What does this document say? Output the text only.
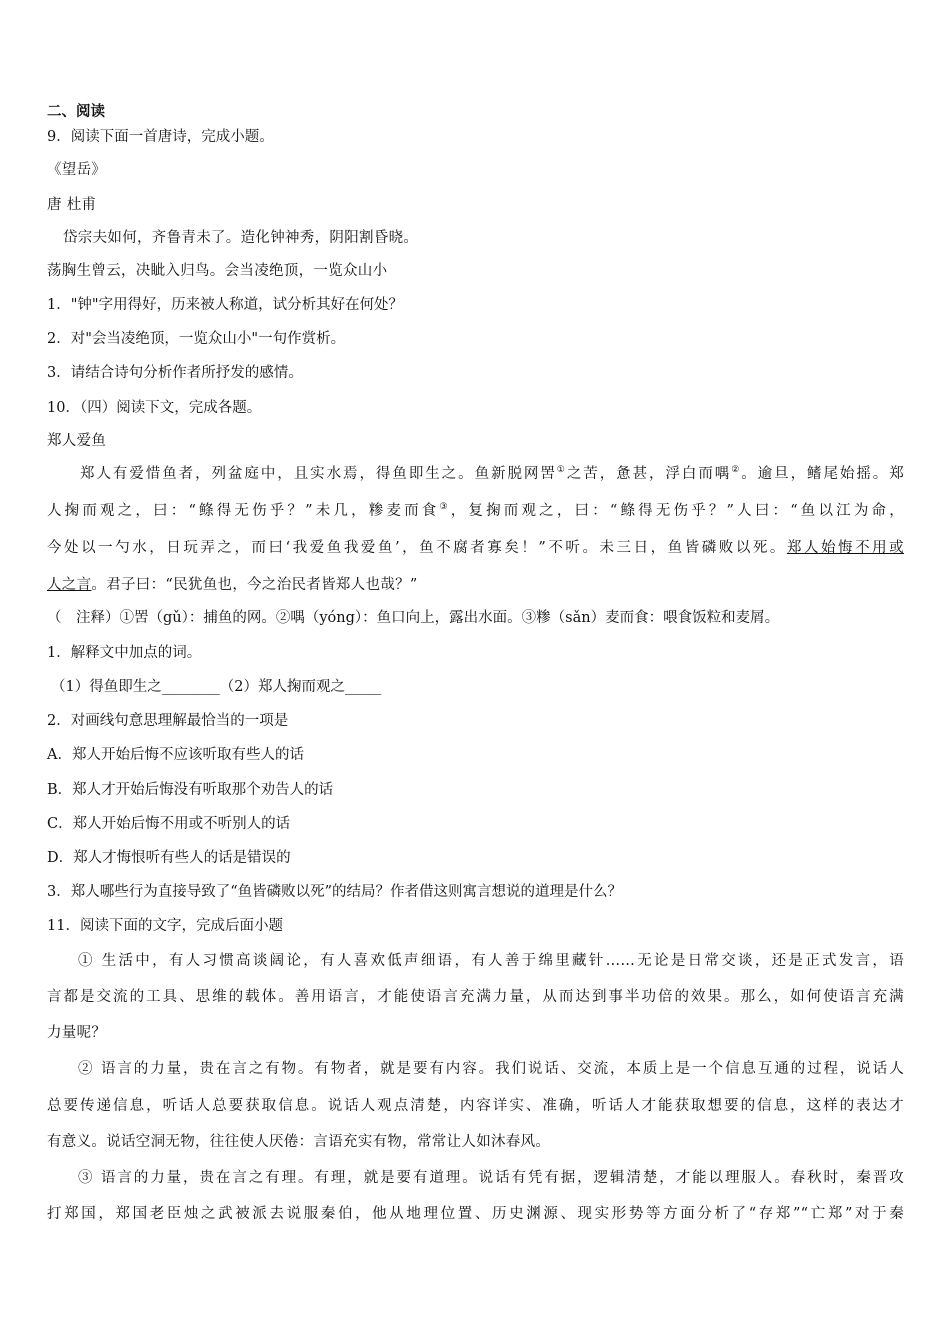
二、阅读
9．阅读下面一首唐诗，完成小题。
《望岳》
唐 杜甫
岱宗夫如何，齐鲁青未了。造化钟神秀，阴阳割昏晓。
荡胸生曾云，决眦入归鸟。会当凌绝顶，一览众山小
1．"钟"字用得好，历来被人称道，试分析其好在何处？
2．对"会当凌绝顶，一览众山小"一句作赏析。
3．请结合诗句分析作者所抒发的感情。
10．（四）阅读下文，完成各题。
郑人爱鱼
郑人有爱惜鱼者，列盆庭中，且实水焉，得鱼即生之。鱼新脱网罟①之苦，惫甚，浮白而喁②。逾旦，鳍尾始摇。郑
人掬而观之，曰：“鲦得无伤乎？”未几，糁麦而食③，复掬而观之，曰：“鲦得无伤乎？”人曰：“鱼以江为命，
今处以一勺水，日玩弄之，而曰‘我爱鱼我爱鱼’，鱼不腐者寡矣！”不听。未三日，鱼皆磷败以死。郑人始悔不用或
人之言。君子曰：“民犹鱼也，今之治民者皆郑人也哉？”
（　注释）①罟（gǔ）：捕鱼的网。②喁（yóng）：鱼口向上，露出水面。③糁（sǎn）麦而食：喂食饭粒和麦屑。
1．解释文中加点的词。
（1）得鱼即生之________（2）郑人掬而观之_____
2．对画线句意思理解最恰当的一项是
A．郑人开始后悔不应该听取有些人的话
B．郑人才开始后悔没有听取那个劝告人的话
C．郑人开始后悔不用或不听别人的话
D．郑人才悔恨听有些人的话是错误的
3．郑人哪些行为直接导致了“鱼皆磷败以死”的结局？作者借这则寓言想说的道理是什么？
11．阅读下面的文字，完成后面小题
① 生活中，有人习惯高谈阔论，有人喜欢低声细语，有人善于绵里藏针……无论是日常交谈，还是正式发言，语
言都是交流的工具、思维的载体。善用语言，才能使语言充满力量，从而达到事半功倍的效果。那么，如何使语言充满
力量呢？
② 语言的力量，贵在言之有物。有物者，就是要有内容。我们说话、交流，本质上是一个信息互通的过程，说话人
总要传递信息，听话人总要获取信息。说话人观点清楚，内容详实、准确，听话人才能获取想要的信息，这样的表达才
有意义。说话空洞无物，往往使人厌倦：言语充实有物，常常让人如沐春风。
③ 语言的力量，贵在言之有理。有理，就是要有道理。说话有凭有据，逻辑清楚，才能以理服人。春秋时，秦晋攻
打郑国，郑国老臣烛之武被派去说服秦伯，他从地理位置、历史渊源、现实形势等方面分析了“存郑”“亡郑”对于秦
